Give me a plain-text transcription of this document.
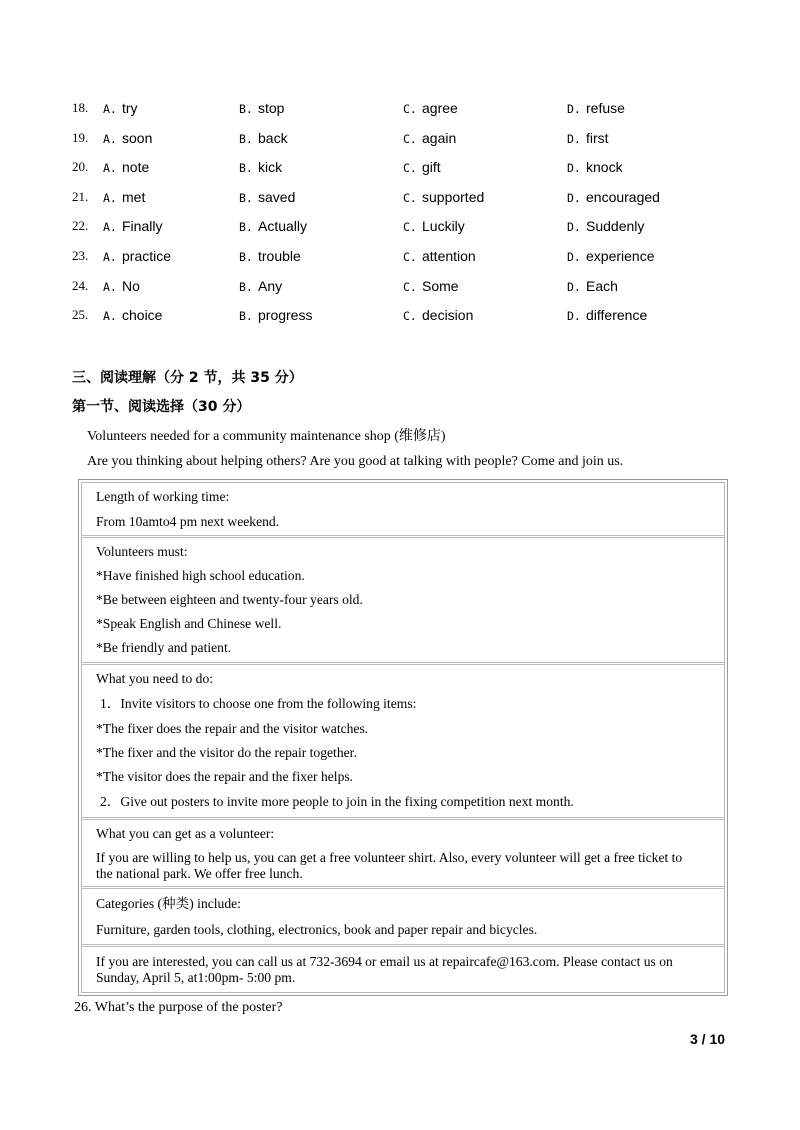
18.	A. try	B. stop	C. agree	D. refuse
19.	A. soon	B. back	C. again	D. first
20.	A. note	B. kick	C. gift	D. knock
21.	A. met	B. saved	C. supported	D. encouraged
22.	A. Finally	B. Actually	C. Luckily	D. Suddenly
23.	A. practice	B. trouble	C. attention	D. experience
24.	A. No	B. Any	C. Some	D. Each
25.	A. choice	B. progress	C. decision	D. difference
三、阅读理解（分 2 节，共 35 分）
第一节、阅读选择（30 分）
Volunteers needed for a community maintenance shop (维修店)
Are you thinking about helping others? Are you good at talking with people? Come and join us.
Length of working time:
From 10amto4 pm next weekend.
Volunteers must:
*Have finished high school education.
*Be between eighteen and twenty-four years old.
*Speak English and Chinese well.
*Be friendly and patient.
What you need to do:
1．Invite visitors to choose one from the following items:
*The fixer does the repair and the visitor watches.
*The fixer and the visitor do the repair together.
*The visitor does the repair and the fixer helps.
2．Give out posters to invite more people to join in the fixing competition next month.
What you can get as a volunteer:
If you are willing to help us, you can get a free volunteer shirt. Also, every volunteer will get a free ticket to
the national park. We offer free lunch.
Categories (种类) include:
Furniture, garden tools, clothing, electronics, book and paper repair and bicycles.
If you are interested, you can call us at 732-3694 or email us at repaircafe@163.com. Please contact us on
Sunday, April 5, at1:00pm- 5:00 pm.
26. What’s the purpose of the poster?
3 / 10
